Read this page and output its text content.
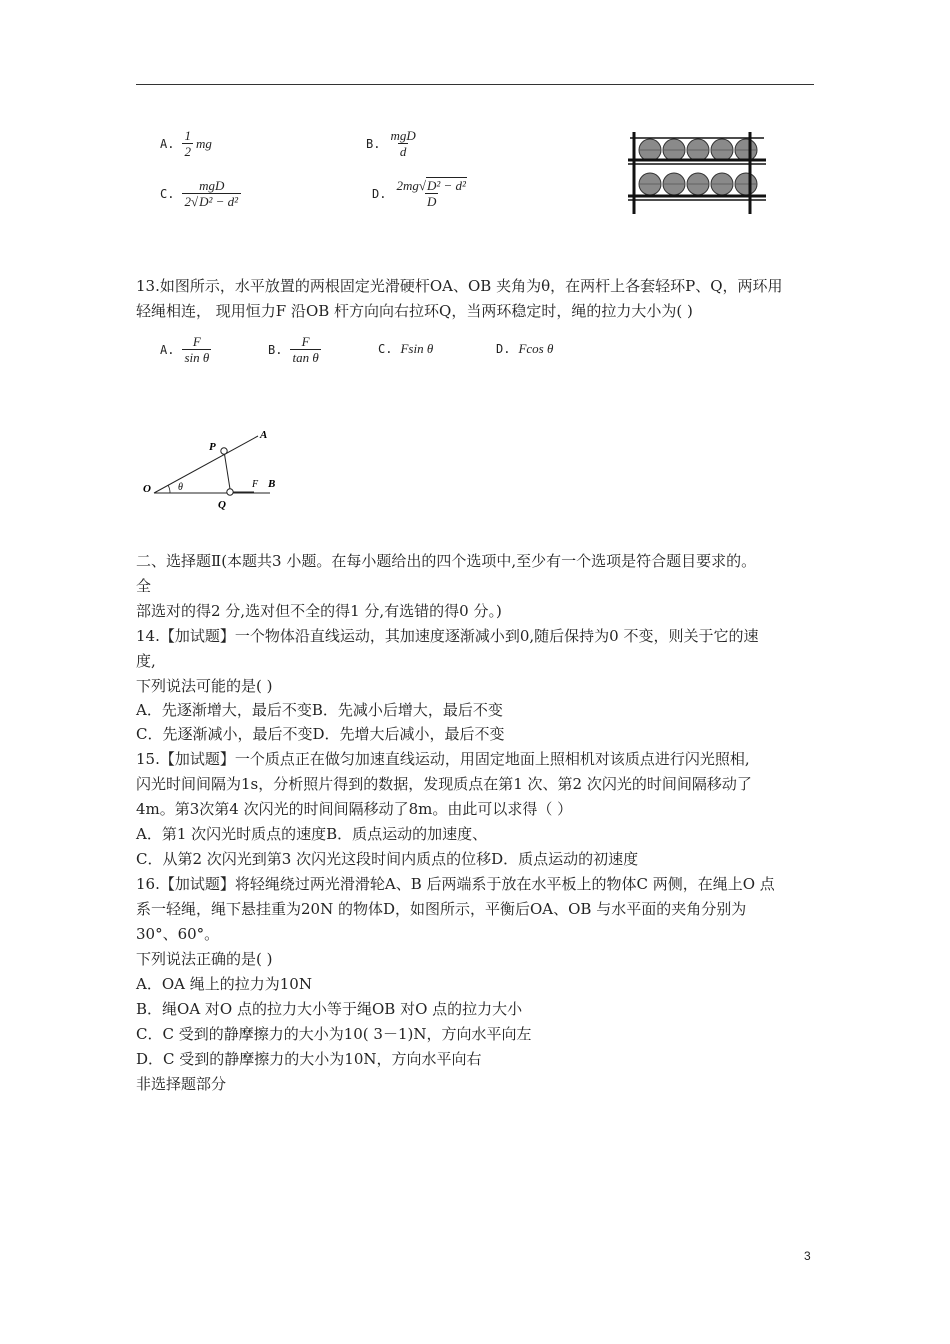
A. $\frac{1}{2}$ mg	B. $\frac{\text{mgD}}{d}$
C. $\frac{\text{mgD}}{\text{2√D² − d²}}$	D. $\frac{\text{2mg√D² − d²}}{D}$
13.如图所示，水平放置的两根固定光滑硬杆OA、OB 夹角为θ，在两杆上各套轻环P、Q，两环用
轻绳相连， 现用恒力F 沿OB 杆方向向右拉环Q，当两环稳定时，绳的拉力大小为( )
A. $\frac{F}{\text{sin θ}}$	B. $\frac{F}{\text{tan θ}}$	C. Fsin θ	D. Fcos θ
O
P
Q
A
B
F
θ
二、选择题Ⅱ(本题共3 小题。在每小题给出的四个选项中,至少有一个选项是符合题目要求的。
全
部选对的得2 分,选对但不全的得1 分,有选错的得0 分。)
14.【加试题】一个物体沿直线运动，其加速度逐渐减小到0,随后保持为0 不变，则关于它的速
度,
下列说法可能的是( )
A．先逐渐增大，最后不变B．先减小后增大，最后不变
C．先逐渐减小，最后不变D．先增大后减小，最后不变
15.【加试题】一个质点正在做匀加速直线运动，用固定地面上照相机对该质点进行闪光照相,
闪光时间间隔为1s，分析照片得到的数据，发现质点在第1 次、第2 次闪光的时间间隔移动了
4m。第3次第4 次闪光的时间间隔移动了8m。由此可以求得（ ）
A．第1 次闪光时质点的速度B．质点运动的加速度、
C．从第2 次闪光到第3 次闪光这段时间内质点的位移D．质点运动的初速度
16.【加试题】将轻绳绕过两光滑滑轮A、B 后两端系于放在水平板上的物体C 两侧，在绳上O 点
系一轻绳，绳下悬挂重为20N 的物体D，如图所示，平衡后OA、OB 与水平面的夹角分别为
30°、60°。
下列说法正确的是( )
A．OA 绳上的拉力为10N
B．绳OA 对O 点的拉力大小等于绳OB 对O 点的拉力大小
C．C 受到的静摩擦力的大小为10( 3－1)N，方向水平向左
D．C 受到的静摩擦力的大小为10N，方向水平向右
非选择题部分
3
